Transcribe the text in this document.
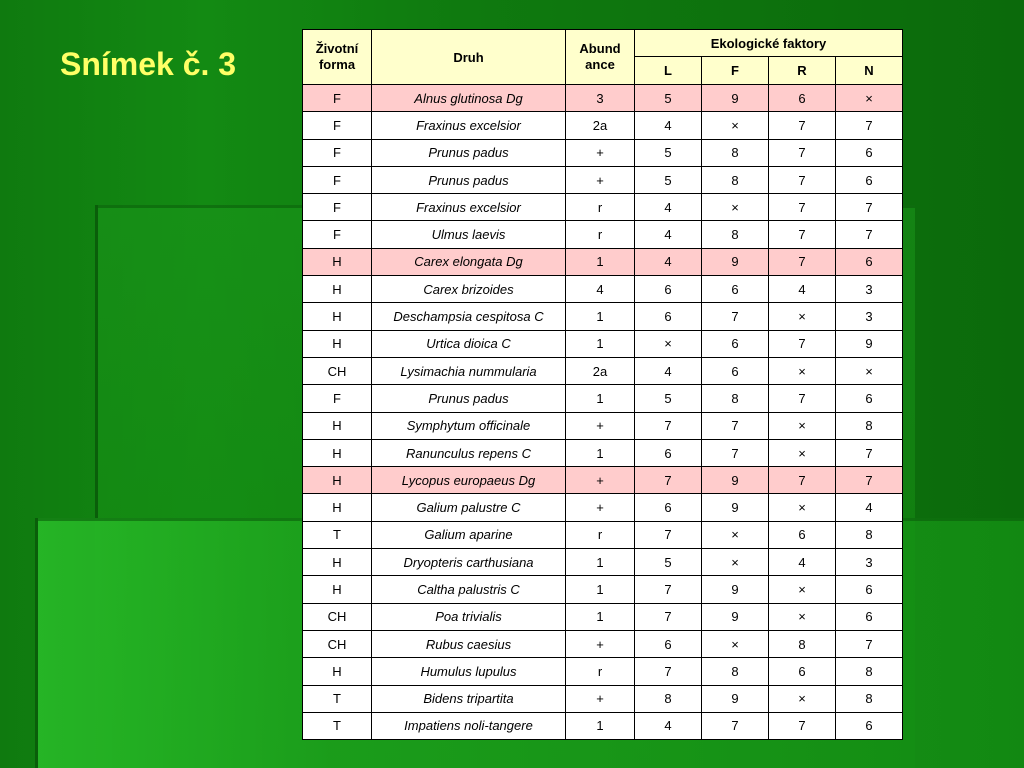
Snímek č. 3	Životní forma	Druh	Abund ance	Ekologické faktory			
			L	F	R	N
F	Alnus glutinosa Dg	3	5	9	6	×
F	Fraxinus excelsior	2a	4	×	7	7
F	Prunus padus	+	5	8	7	6
F	Prunus padus	+	5	8	7	6
F	Fraxinus excelsior	r	4	×	7	7
F	Ulmus laevis	r	4	8	7	7
H	Carex elongata Dg	1	4	9	7	6
H	Carex brizoides	4	6	6	4	3
H	Deschampsia cespitosa C	1	6	7	×	3
H	Urtica dioica C	1	×	6	7	9
CH	Lysimachia nummularia	2a	4	6	×	×
F	Prunus padus	1	5	8	7	6
H	Symphytum officinale	+	7	7	×	8
H	Ranunculus repens C	1	6	7	×	7
H	Lycopus europaeus Dg	+	7	9	7	7
H	Galium palustre C	+	6	9	×	4
T	Galium aparine	r	7	×	6	8
H	Dryopteris carthusiana	1	5	×	4	3
H	Caltha palustris C	1	7	9	×	6
CH	Poa trivialis	1	7	9	×	6
CH	Rubus caesius	+	6	×	8	7
H	Humulus lupulus	r	7	8	6	8
T	Bidens tripartita	+	8	9	×	8
T	Impatiens noli-tangere	1	4	7	7	6
